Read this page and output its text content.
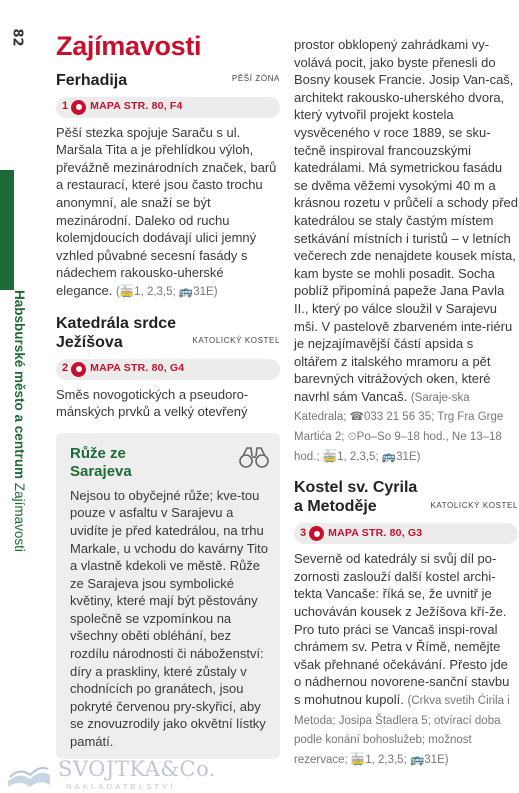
82
Habsburské město a centrum Zajímavosti
Zajímavosti
Ferhadija	PĚŠÍ ZÓNA
1 MAPA STR. 80, F4

Pěší stezka spojuje Saraču s ul. Maršala Tita a je přehlídkou výloh, převážně mezinárodních značek, barů a restaurací, které jsou často trochu anonymní, ale snaží se být mezinárodní. Daleko od ruchu kolemjdoucích dodávají ulici jemný vzhled půvabné secesní fasády s nádechem rakousko-uherské elegance. (🚋1, 2,3,5; 🚌31E)

Katedrála srdce Ježíšova	KATOLICKÝ KOSTEL
2 MAPA STR. 80, G4

Směs novogotických a pseudoro-mánských prvků a velký otevřený

Růže ze Sarajeva

Nejsou to obyčejné růže; kve-tou pouze v asfaltu v Sarajevu a uvidíte je před katedrálou, na trhu Markale, u vchodu do kavárny Tito a vlastně kdekoli ve městě. Růže ze Sarajeva jsou symbolické květiny, které mají být pěstovány společně se vzpomínkou na všechny oběti obléhání, bez rozdílu národnosti či náboženství: díry a praskliny, které zůstaly v chodnících po granátech, jsou pokryté červenou pry-skyřicí, aby se znovuzrodily jako okvětní lístky památí.

prostor obklopený zahrádkami vy-volává pocit, jako byste přenesli do Bosny kousek Francie. Josip Van-caš, architekt rakousko-uherského dvora, který vytvořil projekt kostela vysvěceného v roce 1889, se sku-tečně inspiroval francouzskými katedrálami. Má symetrickou fasádu se dvěma věžemi vysokými 40 m a krásnou rozetu v průčelí a schody před katedrálou se staly častým místem setkávání místních i turistů – v letních večerech zde nenajdete kousek místa, kam byste se mohli posadit. Socha poblíž připomíná papeže Jana Pavla II., který po válce sloužil v Sarajevu mši. V pastelově zbarveném inte-riéru je nejzajímavější částí apsida s oltářem z italského mramoru a pět barevných vitrážových oken, které navrhl sám Vancaš. (Saraje-ska Katedrala; ☎033 21 56 35; Trg Fra Grge Martića 2; ⏲Po–So 9–18 hod., Ne 13–18 hod.; 🚋1, 2,3,5; 🚌31E)

Kostel sv. Cyrila a Metoděje	KATOLICKÝ KOSTEL
3 MAPA STR. 80, G3

Severně od katedrály si svůj díl po-zornosti zaslouží další kostel archi-tekta Vancaše: říká se, že uvnitř je uchováván kousek z Ježíšova kří-že. Pro tuto práci se Vancaš inspi-roval chrámem sv. Petra v Římě, nemějte však přehnané očekávání. Přesto jde o nádhernou novorene-sanční stavbu s mohutnou kupolí. (Crkva svetih Ćirila i Metoda; Josipa Štadlera 5; otvírací doba podle konání bohoslužeb; možnost rezervace; 🚋1, 2,3,5; 🚌31E)

SVOJTKA&Co.
NAKLADATELSTVÍ
